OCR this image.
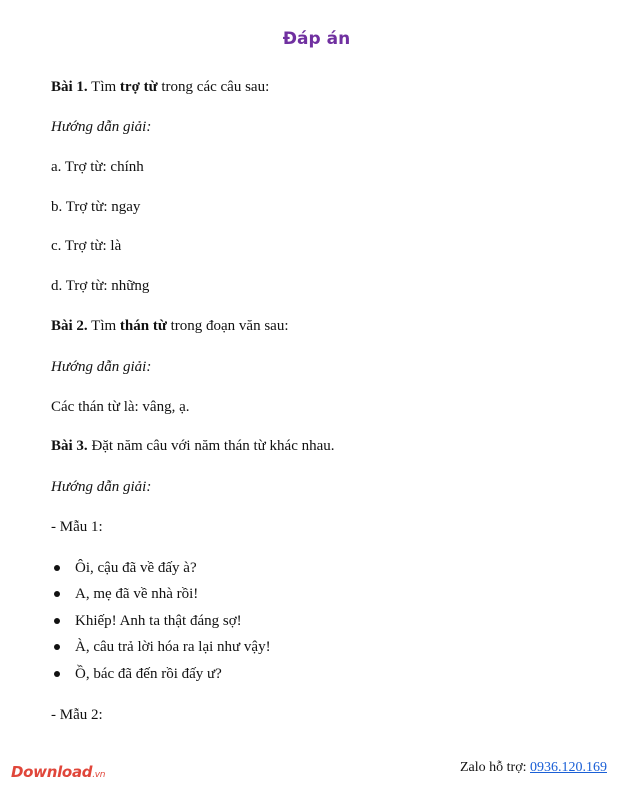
Đáp án
Bài 1. Tìm trợ từ trong các câu sau:
Hướng dẫn giải:
a. Trợ từ: chính
b. Trợ từ: ngay
c. Trợ từ: là
d. Trợ từ: những
Bài 2. Tìm thán từ trong đoạn văn sau:
Hướng dẫn giải:
Các thán từ là: vâng, ạ.
Bài 3. Đặt năm câu với năm thán từ khác nhau.
Hướng dẫn giải:
- Mẫu 1:
Ôi, cậu đã về đấy à?
A, mẹ đã về nhà rồi!
Khiếp! Anh ta thật đáng sợ!
À, câu trả lời hóa ra lại như vậy!
Ồ, bác đã đến rồi đấy ư?
- Mẫu 2:
Download.vn	Zalo hỗ trợ: 0936.120.169
